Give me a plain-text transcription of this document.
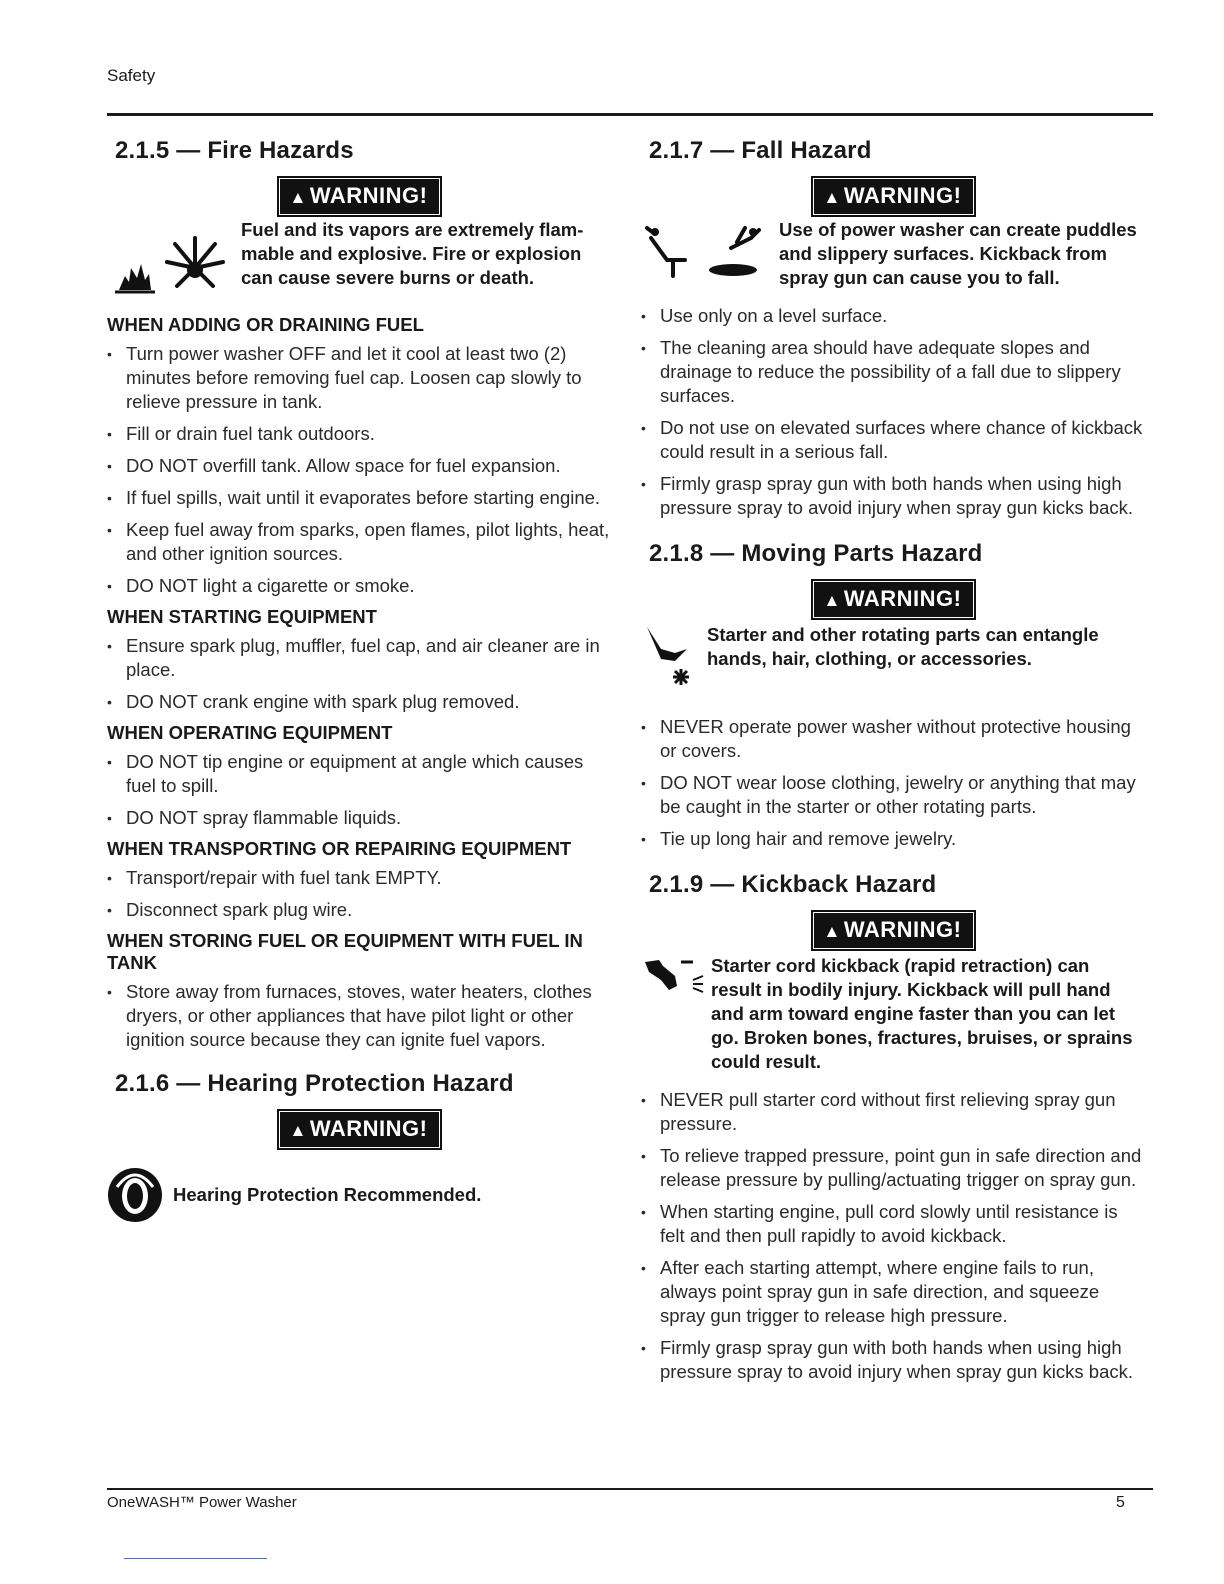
Safety
2.1.5 — Fire Hazards
▲ WARNING!
Fuel and its vapors are extremely flammable and explosive. Fire or explosion can cause severe burns or death.
WHEN ADDING OR DRAINING FUEL
• Turn power washer OFF and let it cool at least two (2) minutes before removing fuel cap. Loosen cap slowly to relieve pressure in tank.
• Fill or drain fuel tank outdoors.
• DO NOT overfill tank. Allow space for fuel expansion.
• If fuel spills, wait until it evaporates before starting engine.
• Keep fuel away from sparks, open flames, pilot lights, heat, and other ignition sources.
• DO NOT light a cigarette or smoke.
WHEN STARTING EQUIPMENT
• Ensure spark plug, muffler, fuel cap, and air cleaner are in place.
• DO NOT crank engine with spark plug removed.
WHEN OPERATING EQUIPMENT
• DO NOT tip engine or equipment at angle which causes fuel to spill.
• DO NOT spray flammable liquids.
WHEN TRANSPORTING OR REPAIRING EQUIPMENT
• Transport/repair with fuel tank EMPTY.
• Disconnect spark plug wire.
WHEN STORING FUEL OR EQUIPMENT WITH FUEL IN TANK
• Store away from furnaces, stoves, water heaters, clothes dryers, or other appliances that have pilot light or other ignition source because they can ignite fuel vapors.
2.1.6 — Hearing Protection Hazard
▲ WARNING!
Hearing Protection Recommended.
2.1.7 — Fall Hazard
▲ WARNING!
Use of power washer can create puddles and slippery surfaces. Kickback from spray gun can cause you to fall.
• Use only on a level surface.
• The cleaning area should have adequate slopes and drainage to reduce the possibility of a fall due to slippery surfaces.
• Do not use on elevated surfaces where chance of kickback could result in a serious fall.
• Firmly grasp spray gun with both hands when using high pressure spray to avoid injury when spray gun kicks back.
2.1.8 — Moving Parts Hazard
▲ WARNING!
Starter and other rotating parts can entangle hands, hair, clothing, or accessories.
• NEVER operate power washer without protective housing or covers.
• DO NOT wear loose clothing, jewelry or anything that may be caught in the starter or other rotating parts.
• Tie up long hair and remove jewelry.
2.1.9 — Kickback Hazard
▲ WARNING!
Starter cord kickback (rapid retraction) can result in bodily injury. Kickback will pull hand and arm toward engine faster than you can let go. Broken bones, fractures, bruises, or sprains could result.
• NEVER pull starter cord without first relieving spray gun pressure.
• To relieve trapped pressure, point gun in safe direction and release pressure by pulling/actuating trigger on spray gun.
• When starting engine, pull cord slowly until resistance is felt and then pull rapidly to avoid kickback.
• After each starting attempt, where engine fails to run, always point spray gun in safe direction, and squeeze spray gun trigger to release high pressure.
• Firmly grasp spray gun with both hands when using high pressure spray to avoid injury when spray gun kicks back.
OneWASH™ Power Washer	5
